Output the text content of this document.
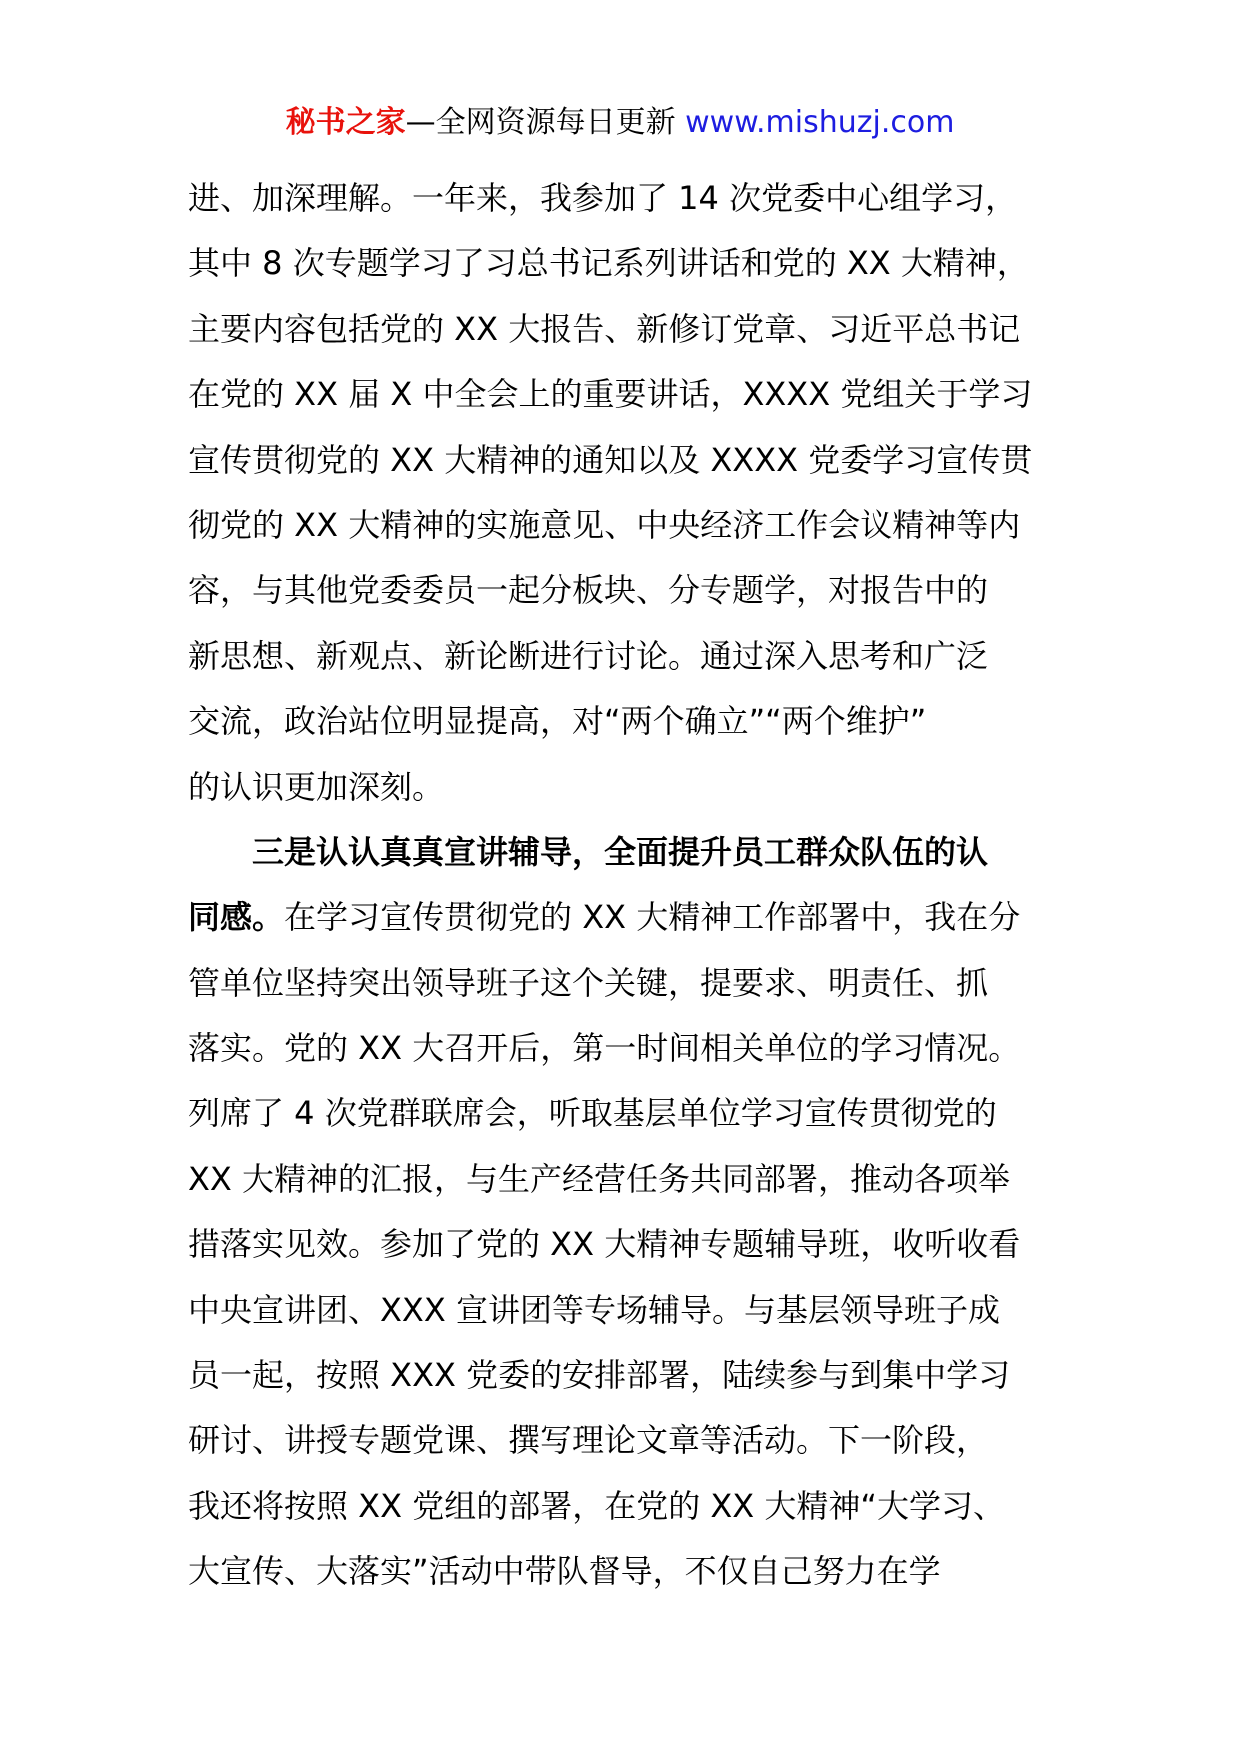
秘书之家—全网资源每日更新 www.mishuzj.com
进、加深理解。一年来，我参加了 14 次党委中心组学习，
其中 8 次专题学习了习总书记系列讲话和党的 XX 大精神，
主要内容包括党的 XX 大报告、新修订党章、习近平总书记
在党的 XX 届 X 中全会上的重要讲话，XXXX 党组关于学习
宣传贯彻党的 XX 大精神的通知以及 XXXX 党委学习宣传贯
彻党的 XX 大精神的实施意见、中央经济工作会议精神等内
容，与其他党委委员一起分板块、分专题学，对报告中的
新思想、新观点、新论断进行讨论。通过深入思考和广泛
交流，政治站位明显提高，对“两个确立”“两个维护”
的认识更加深刻。
三是认认真真宣讲辅导，全面提升员工群众队伍的认
同感。在学习宣传贯彻党的 XX 大精神工作部署中，我在分
管单位坚持突出领导班子这个关键，提要求、明责任、抓
落实。党的 XX 大召开后，第一时间相关单位的学习情况。
列席了 4 次党群联席会，听取基层单位学习宣传贯彻党的
XX 大精神的汇报，与生产经营任务共同部署，推动各项举
措落实见效。参加了党的 XX 大精神专题辅导班，收听收看
中央宣讲团、XXX 宣讲团等专场辅导。与基层领导班子成
员一起，按照 XXX 党委的安排部署，陆续参与到集中学习
研讨、讲授专题党课、撰写理论文章等活动。下一阶段，
我还将按照 XX 党组的部署，在党的 XX 大精神“大学习、
大宣传、大落实”活动中带队督导，不仅自己努力在学
